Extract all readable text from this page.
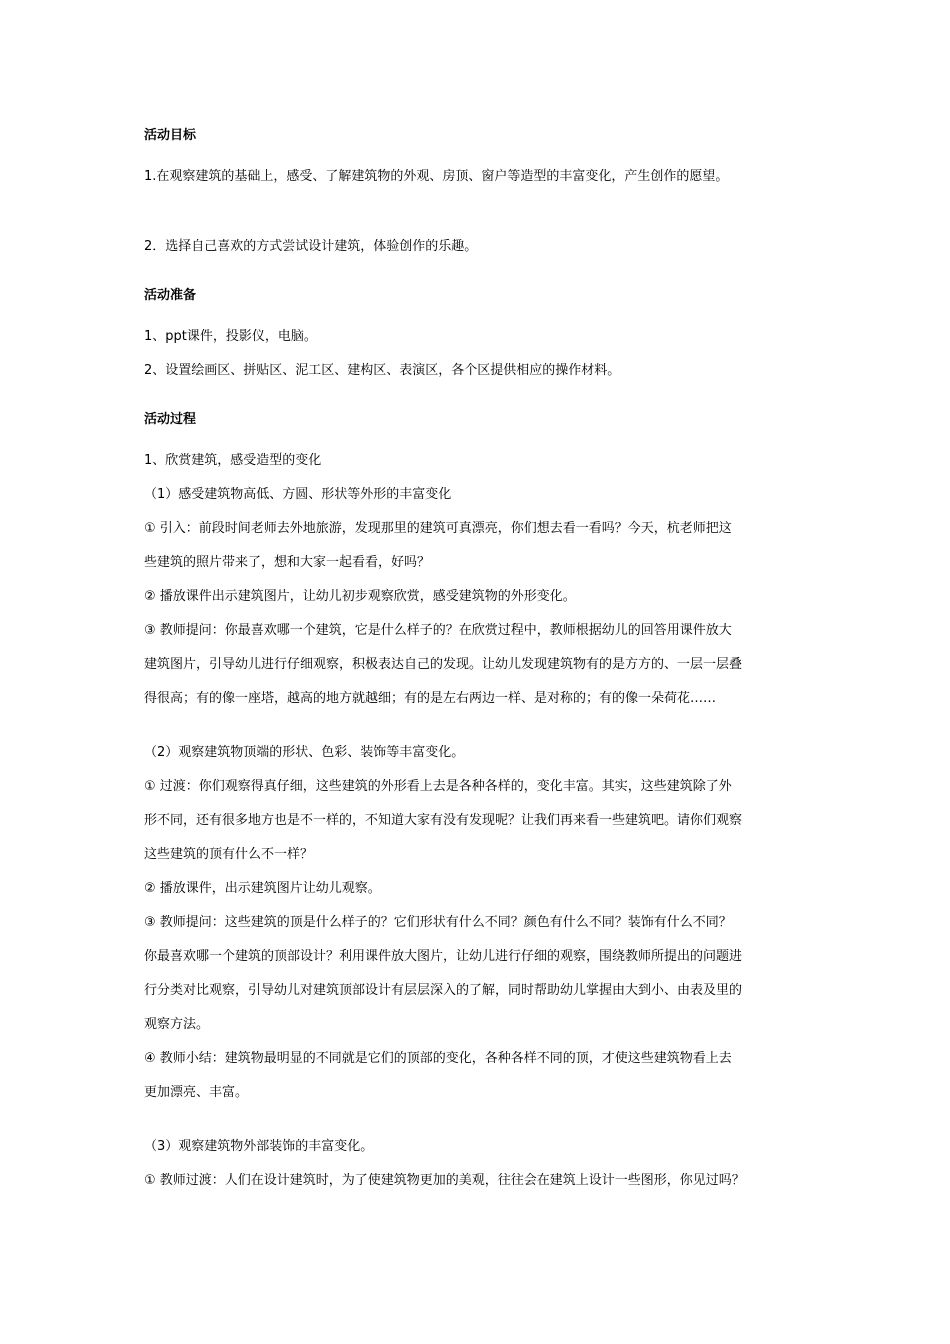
活动目标

1.在观察建筑的基础上，感受、了解建筑物的外观、房顶、窗户等造型的丰富变化，产生创作的愿望。

2．选择自己喜欢的方式尝试设计建筑，体验创作的乐趣。

活动准备

1、ppt课件，投影仪，电脑。

2、设置绘画区、拼贴区、泥工区、建构区、表演区，各个区提供相应的操作材料。

活动过程

1、欣赏建筑，感受造型的变化

（1）感受建筑物高低、方圆、形状等外形的丰富变化

① 引入：前段时间老师去外地旅游，发现那里的建筑可真漂亮，你们想去看一看吗？今天，杭老师把这

些建筑的照片带来了，想和大家一起看看，好吗？

② 播放课件出示建筑图片，让幼儿初步观察欣赏，感受建筑物的外形变化。

③ 教师提问：你最喜欢哪一个建筑，它是什么样子的？在欣赏过程中，教师根据幼儿的回答用课件放大

建筑图片，引导幼儿进行仔细观察，积极表达自己的发现。让幼儿发现建筑物有的是方方的、一层一层叠

得很高；有的像一座塔，越高的地方就越细；有的是左右两边一样、是对称的；有的像一朵荷花……

（2）观察建筑物顶端的形状、色彩、装饰等丰富变化。

① 过渡：你们观察得真仔细，这些建筑的外形看上去是各种各样的，变化丰富。其实，这些建筑除了外

形不同，还有很多地方也是不一样的，不知道大家有没有发现呢？让我们再来看一些建筑吧。请你们观察

这些建筑的顶有什么不一样？

② 播放课件，出示建筑图片让幼儿观察。

③ 教师提问：这些建筑的顶是什么样子的？它们形状有什么不同？颜色有什么不同？装饰有什么不同？

你最喜欢哪一个建筑的顶部设计？利用课件放大图片，让幼儿进行仔细的观察，围绕教师所提出的问题进

行分类对比观察，引导幼儿对建筑顶部设计有层层深入的了解，同时帮助幼儿掌握由大到小、由表及里的

观察方法。

④ 教师小结：建筑物最明显的不同就是它们的顶部的变化，各种各样不同的顶，才使这些建筑物看上去

更加漂亮、丰富。

（3）观察建筑物外部装饰的丰富变化。

① 教师过渡：人们在设计建筑时，为了使建筑物更加的美观，往往会在建筑上设计一些图形，你见过吗？
